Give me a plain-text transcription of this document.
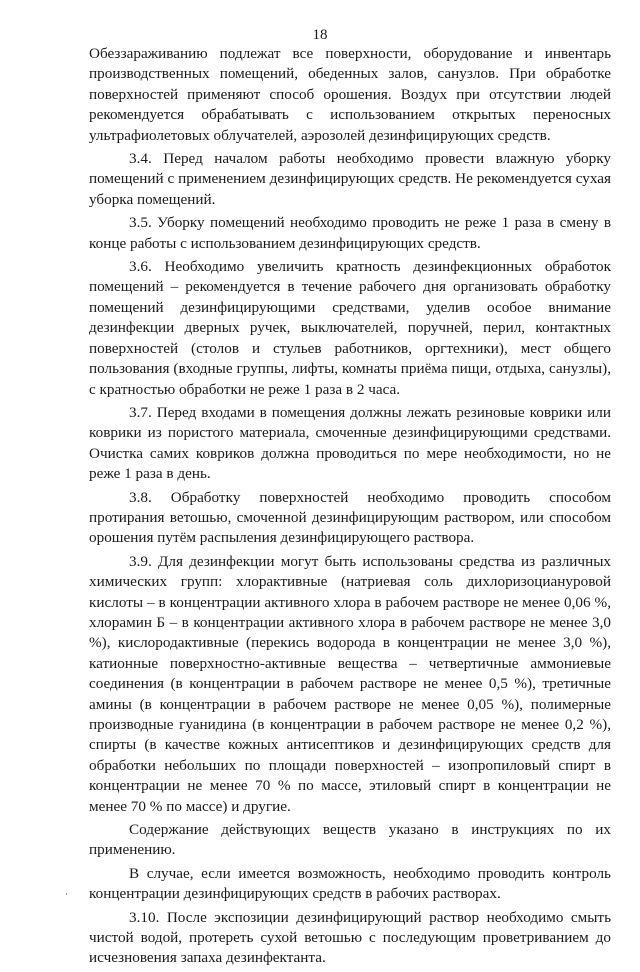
18

Обеззараживанию подлежат все поверхности, оборудование и инвентарь производственных помещений, обеденных залов, санузлов. При обработке поверхностей применяют способ орошения. Воздух при отсутствии людей рекомендуется обрабатывать с использованием открытых переносных ультрафиолетовых облучателей, аэрозолей дезинфицирующих средств.

3.4. Перед началом работы необходимо провести влажную уборку помещений с применением дезинфицирующих средств. Не рекомендуется сухая уборка помещений.

3.5. Уборку помещений необходимо проводить не реже 1 раза в смену в конце работы с использованием дезинфицирующих средств.

3.6. Необходимо увеличить кратность дезинфекционных обработок помещений – рекомендуется в течение рабочего дня организовать обработку помещений дезинфицирующими средствами, уделив особое внимание дезинфекции дверных ручек, выключателей, поручней, перил, контактных поверхностей (столов и стульев работников, оргтехники), мест общего пользования (входные группы, лифты, комнаты приёма пищи, отдыха, санузлы), с кратностью обработки не реже 1 раза в 2 часа.

3.7. Перед входами в помещения должны лежать резиновые коврики или коврики из пористого материала, смоченные дезинфицирующими средствами. Очистка самих ковриков должна проводиться по мере необходимости, но не реже 1 раза в день.

3.8. Обработку поверхностей необходимо проводить способом протирания ветошью, смоченной дезинфицирующим раствором, или способом орошения путём распыления дезинфицирующего раствора.

3.9. Для дезинфекции могут быть использованы средства из различных химических групп: хлорактивные (натриевая соль дихлоризоциануровой кислоты – в концентрации активного хлора в рабочем растворе не менее 0,06 %, хлорамин Б – в концентрации активного хлора в рабочем растворе не менее 3,0 %), кислородактивные (перекись водорода в концентрации не менее 3,0 %), катионные поверхностно-активные вещества – четвертичные аммониевые соединения (в концентрации в рабочем растворе не менее 0,5 %), третичные амины (в концентрации в рабочем растворе не менее 0,05 %), полимерные производные гуанидина (в концентрации в рабочем растворе не менее 0,2 %), спирты (в качестве кожных антисептиков и дезинфицирующих средств для обработки небольших по площади поверхностей – изопропиловый спирт в концентрации не менее 70 % по массе, этиловый спирт в концентрации не менее 70 % по массе) и другие.

Содержание действующих веществ указано в инструкциях по их применению.

В случае, если имеется возможность, необходимо проводить контроль концентрации дезинфицирующих средств в рабочих растворах.

3.10. После экспозиции дезинфицирующий раствор необходимо смыть чистой водой, протереть сухой ветошью с последующим проветриванием до исчезновения запаха дезинфектанта.
